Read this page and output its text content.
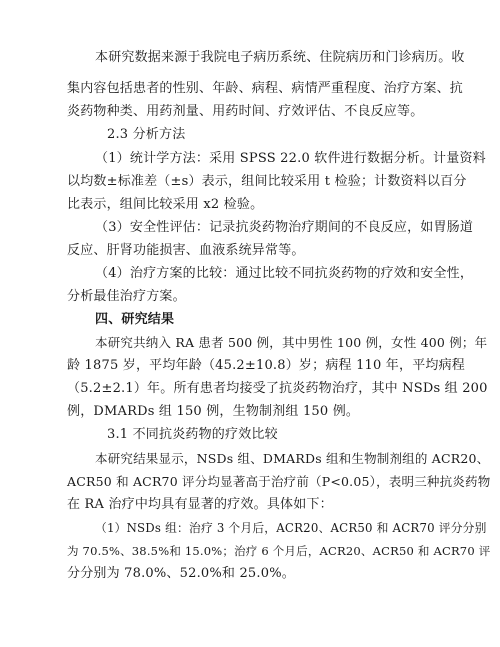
本研究数据来源于我院电子病历系统、住院病历和门诊病历。收
集内容包括患者的性别、年龄、病程、病情严重程度、治疗方案、抗
炎药物种类、用药剂量、用药时间、疗效评估、不良反应等。
2.3 分析方法
（1）统计学方法：采用 SPSS 22.0 软件进行数据分析。计量资料
以均数±标准差（±s）表示，组间比较采用 t 检验；计数资料以百分
比表示，组间比较采用 x2 检验。
（3）安全性评估：记录抗炎药物治疗期间的不良反应，如胃肠道
反应、肝肾功能损害、血液系统异常等。
（4）治疗方案的比较：通过比较不同抗炎药物的疗效和安全性，
分析最佳治疗方案。
四、研究结果
本研究共纳入 RA 患者 500 例，其中男性 100 例，女性 400 例；年
龄 1875 岁，平均年龄（45.2±10.8）岁；病程 110 年，平均病程
（5.2±2.1）年。所有患者均接受了抗炎药物治疗，其中 NSDs 组 200
例，DMARDs 组 150 例，生物制剂组 150 例。
3.1 不同抗炎药物的疗效比较
本研究结果显示，NSDs 组、DMARDs 组和生物制剂组的 ACR20、
ACR50 和 ACR70 评分均显著高于治疗前（P<0.05），表明三种抗炎药物
在 RA 治疗中均具有显著的疗效。具体如下：
（1）NSDs 组：治疗 3 个月后，ACR20、ACR50 和 ACR70 评分分别
为 70.5%、38.5%和 15.0%；治疗 6 个月后，ACR20、ACR50 和 ACR70 评
分分别为 78.0%、52.0%和 25.0%。
